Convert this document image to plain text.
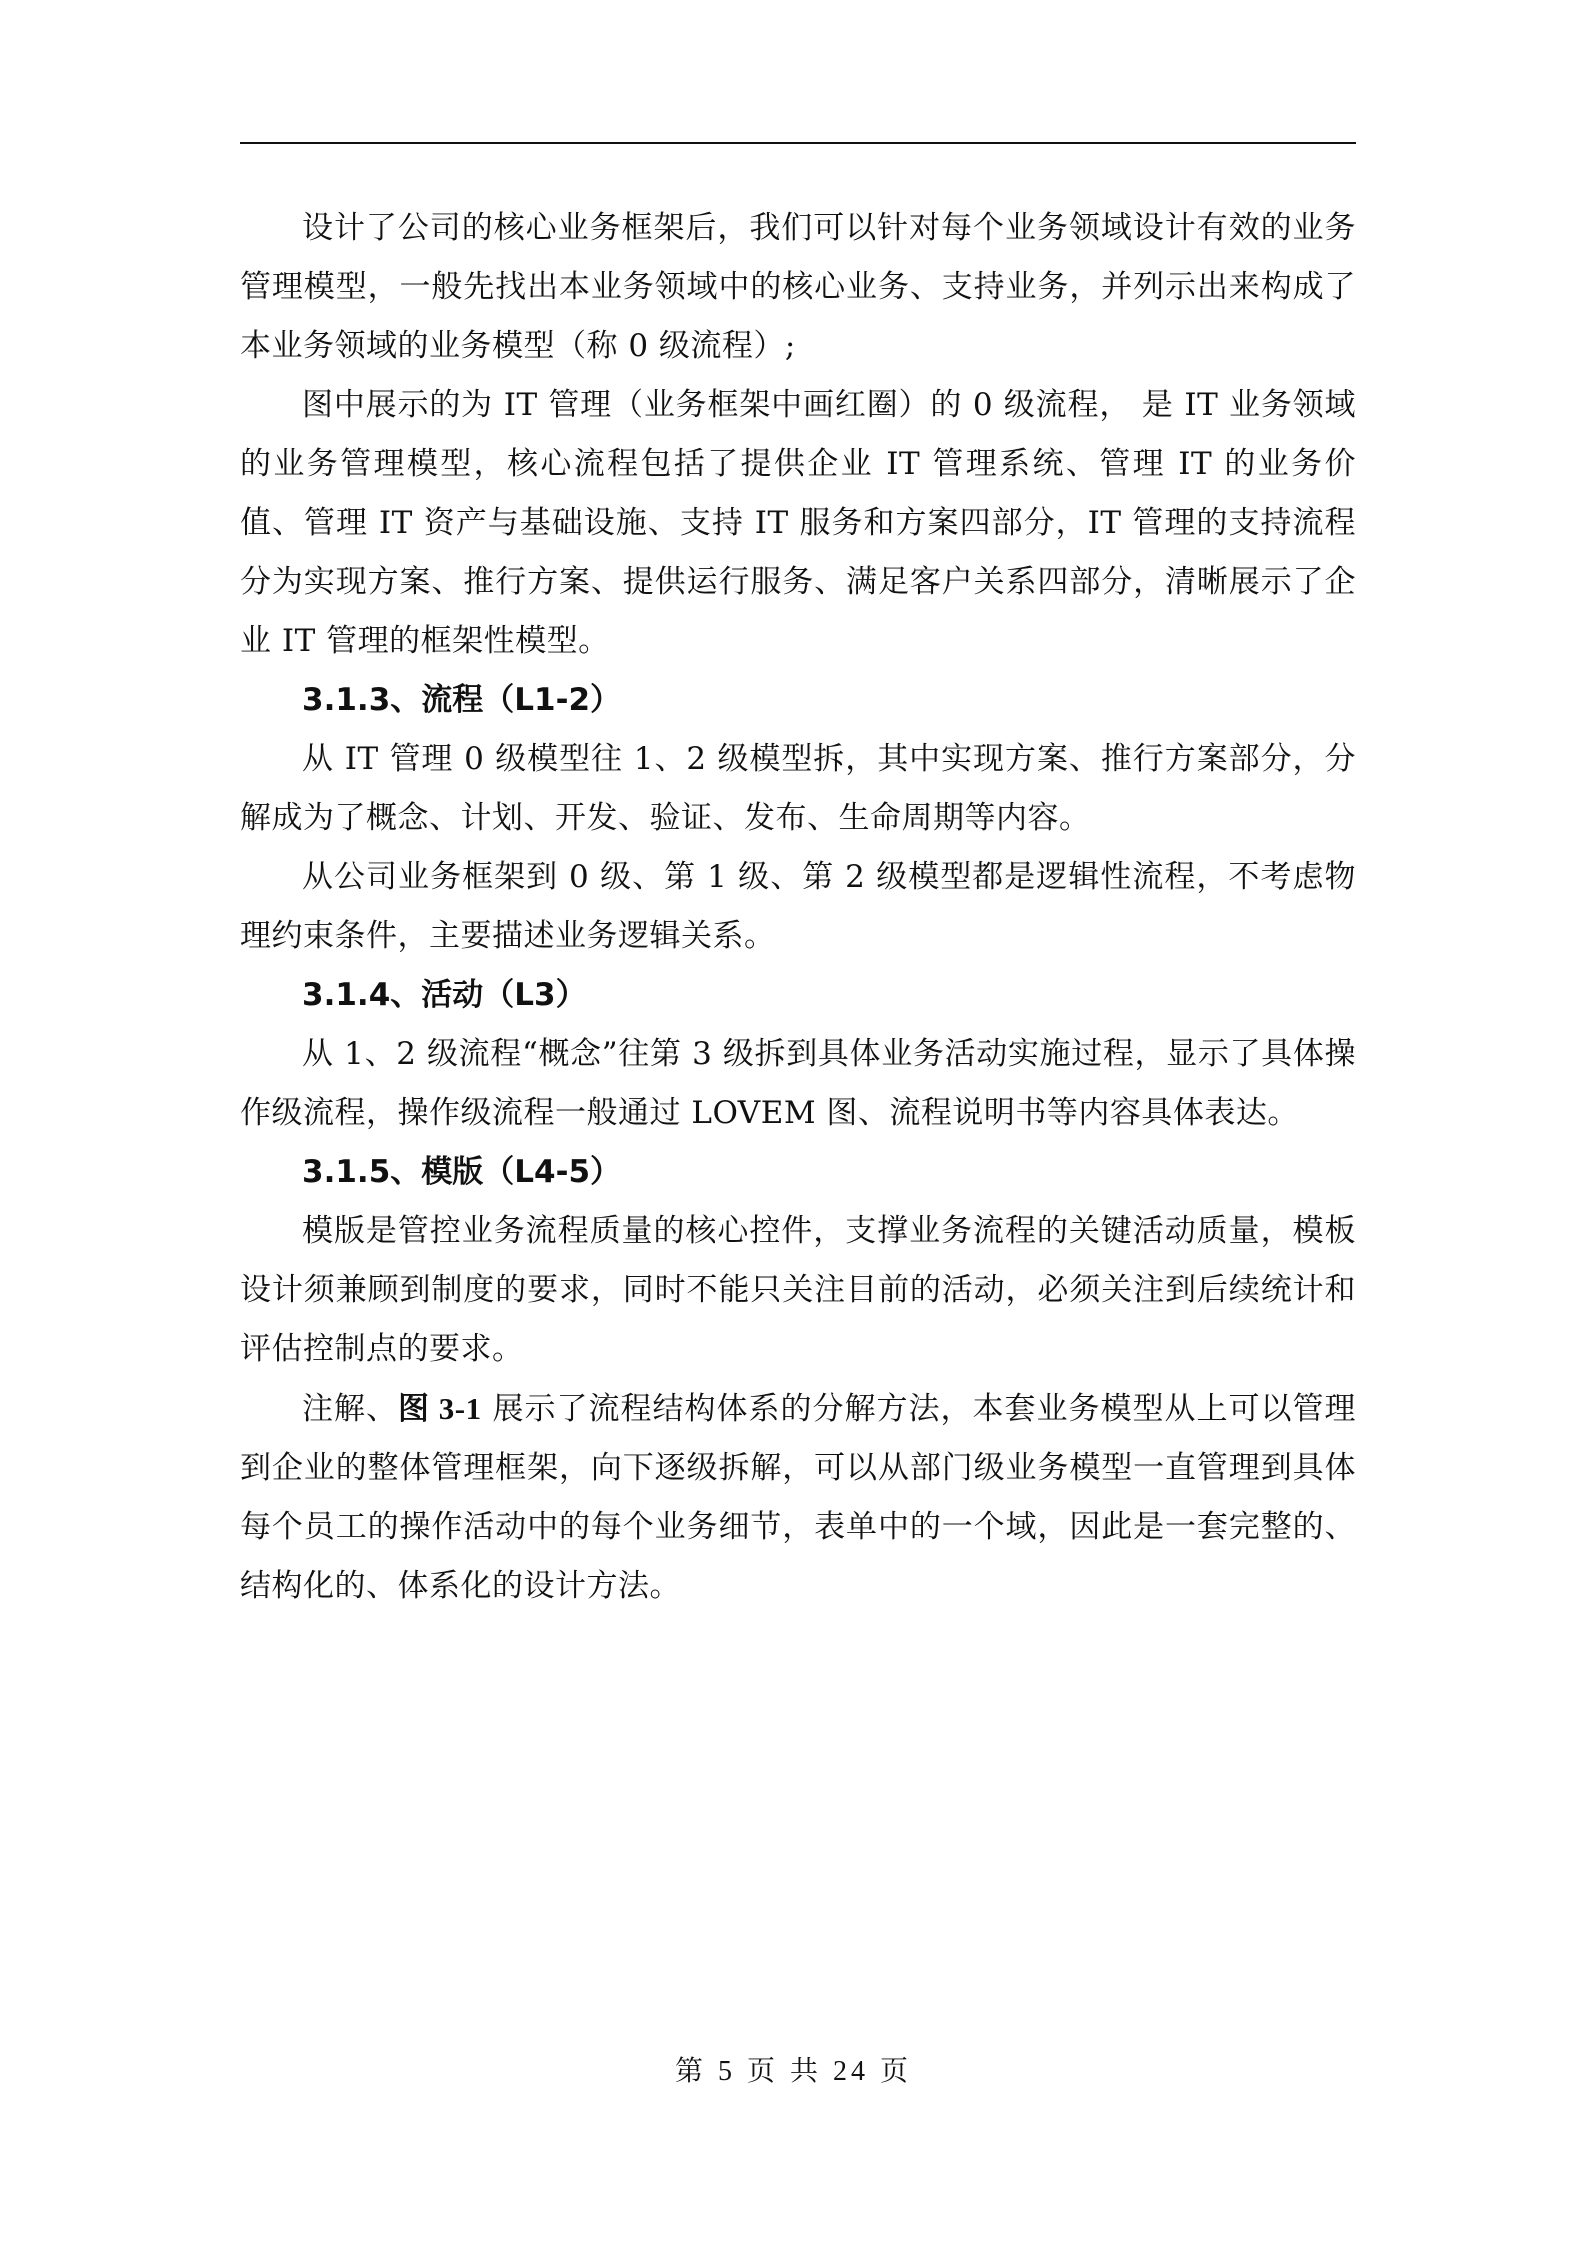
设计了公司的核心业务框架后，我们可以针对每个业务领域设计有效的业务管理模型，一般先找出本业务领域中的核心业务、支持业务，并列示出来构成了本业务领域的业务模型（称 0 级流程）;

图中展示的为 IT 管理（业务框架中画红圈）的 0 级流程， 是 IT 业务领域的业务管理模型，核心流程包括了提供企业 IT 管理系统、管理 IT 的业务价值、管理 IT 资产与基础设施、支持 IT 服务和方案四部分，IT 管理的支持流程分为实现方案、推行方案、提供运行服务、满足客户关系四部分，清晰展示了企业 IT 管理的框架性模型。

3.1.3、流程（L1-2）

从 IT 管理 0 级模型往 1、2 级模型拆，其中实现方案、推行方案部分，分解成为了概念、计划、开发、验证、发布、生命周期等内容。

从公司业务框架到 0 级、第 1 级、第 2 级模型都是逻辑性流程，不考虑物理约束条件，主要描述业务逻辑关系。

3.1.4、活动（L3）

从 1、2 级流程“概念”往第 3 级拆到具体业务活动实施过程，显示了具体操作级流程，操作级流程一般通过 LOVEM 图、流程说明书等内容具体表达。

3.1.5、模版（L4-5）

模版是管控业务流程质量的核心控件，支撑业务流程的关键活动质量，模板设计须兼顾到制度的要求，同时不能只关注目前的活动，必须关注到后续统计和评估控制点的要求。

注解、图 3-1 展示了流程结构体系的分解方法，本套业务模型从上可以管理到企业的整体管理框架，向下逐级拆解，可以从部门级业务模型一直管理到具体每个员工的操作活动中的每个业务细节，表单中的一个域，因此是一套完整的、结构化的、体系化的设计方法。

第 5 页 共 24 页
